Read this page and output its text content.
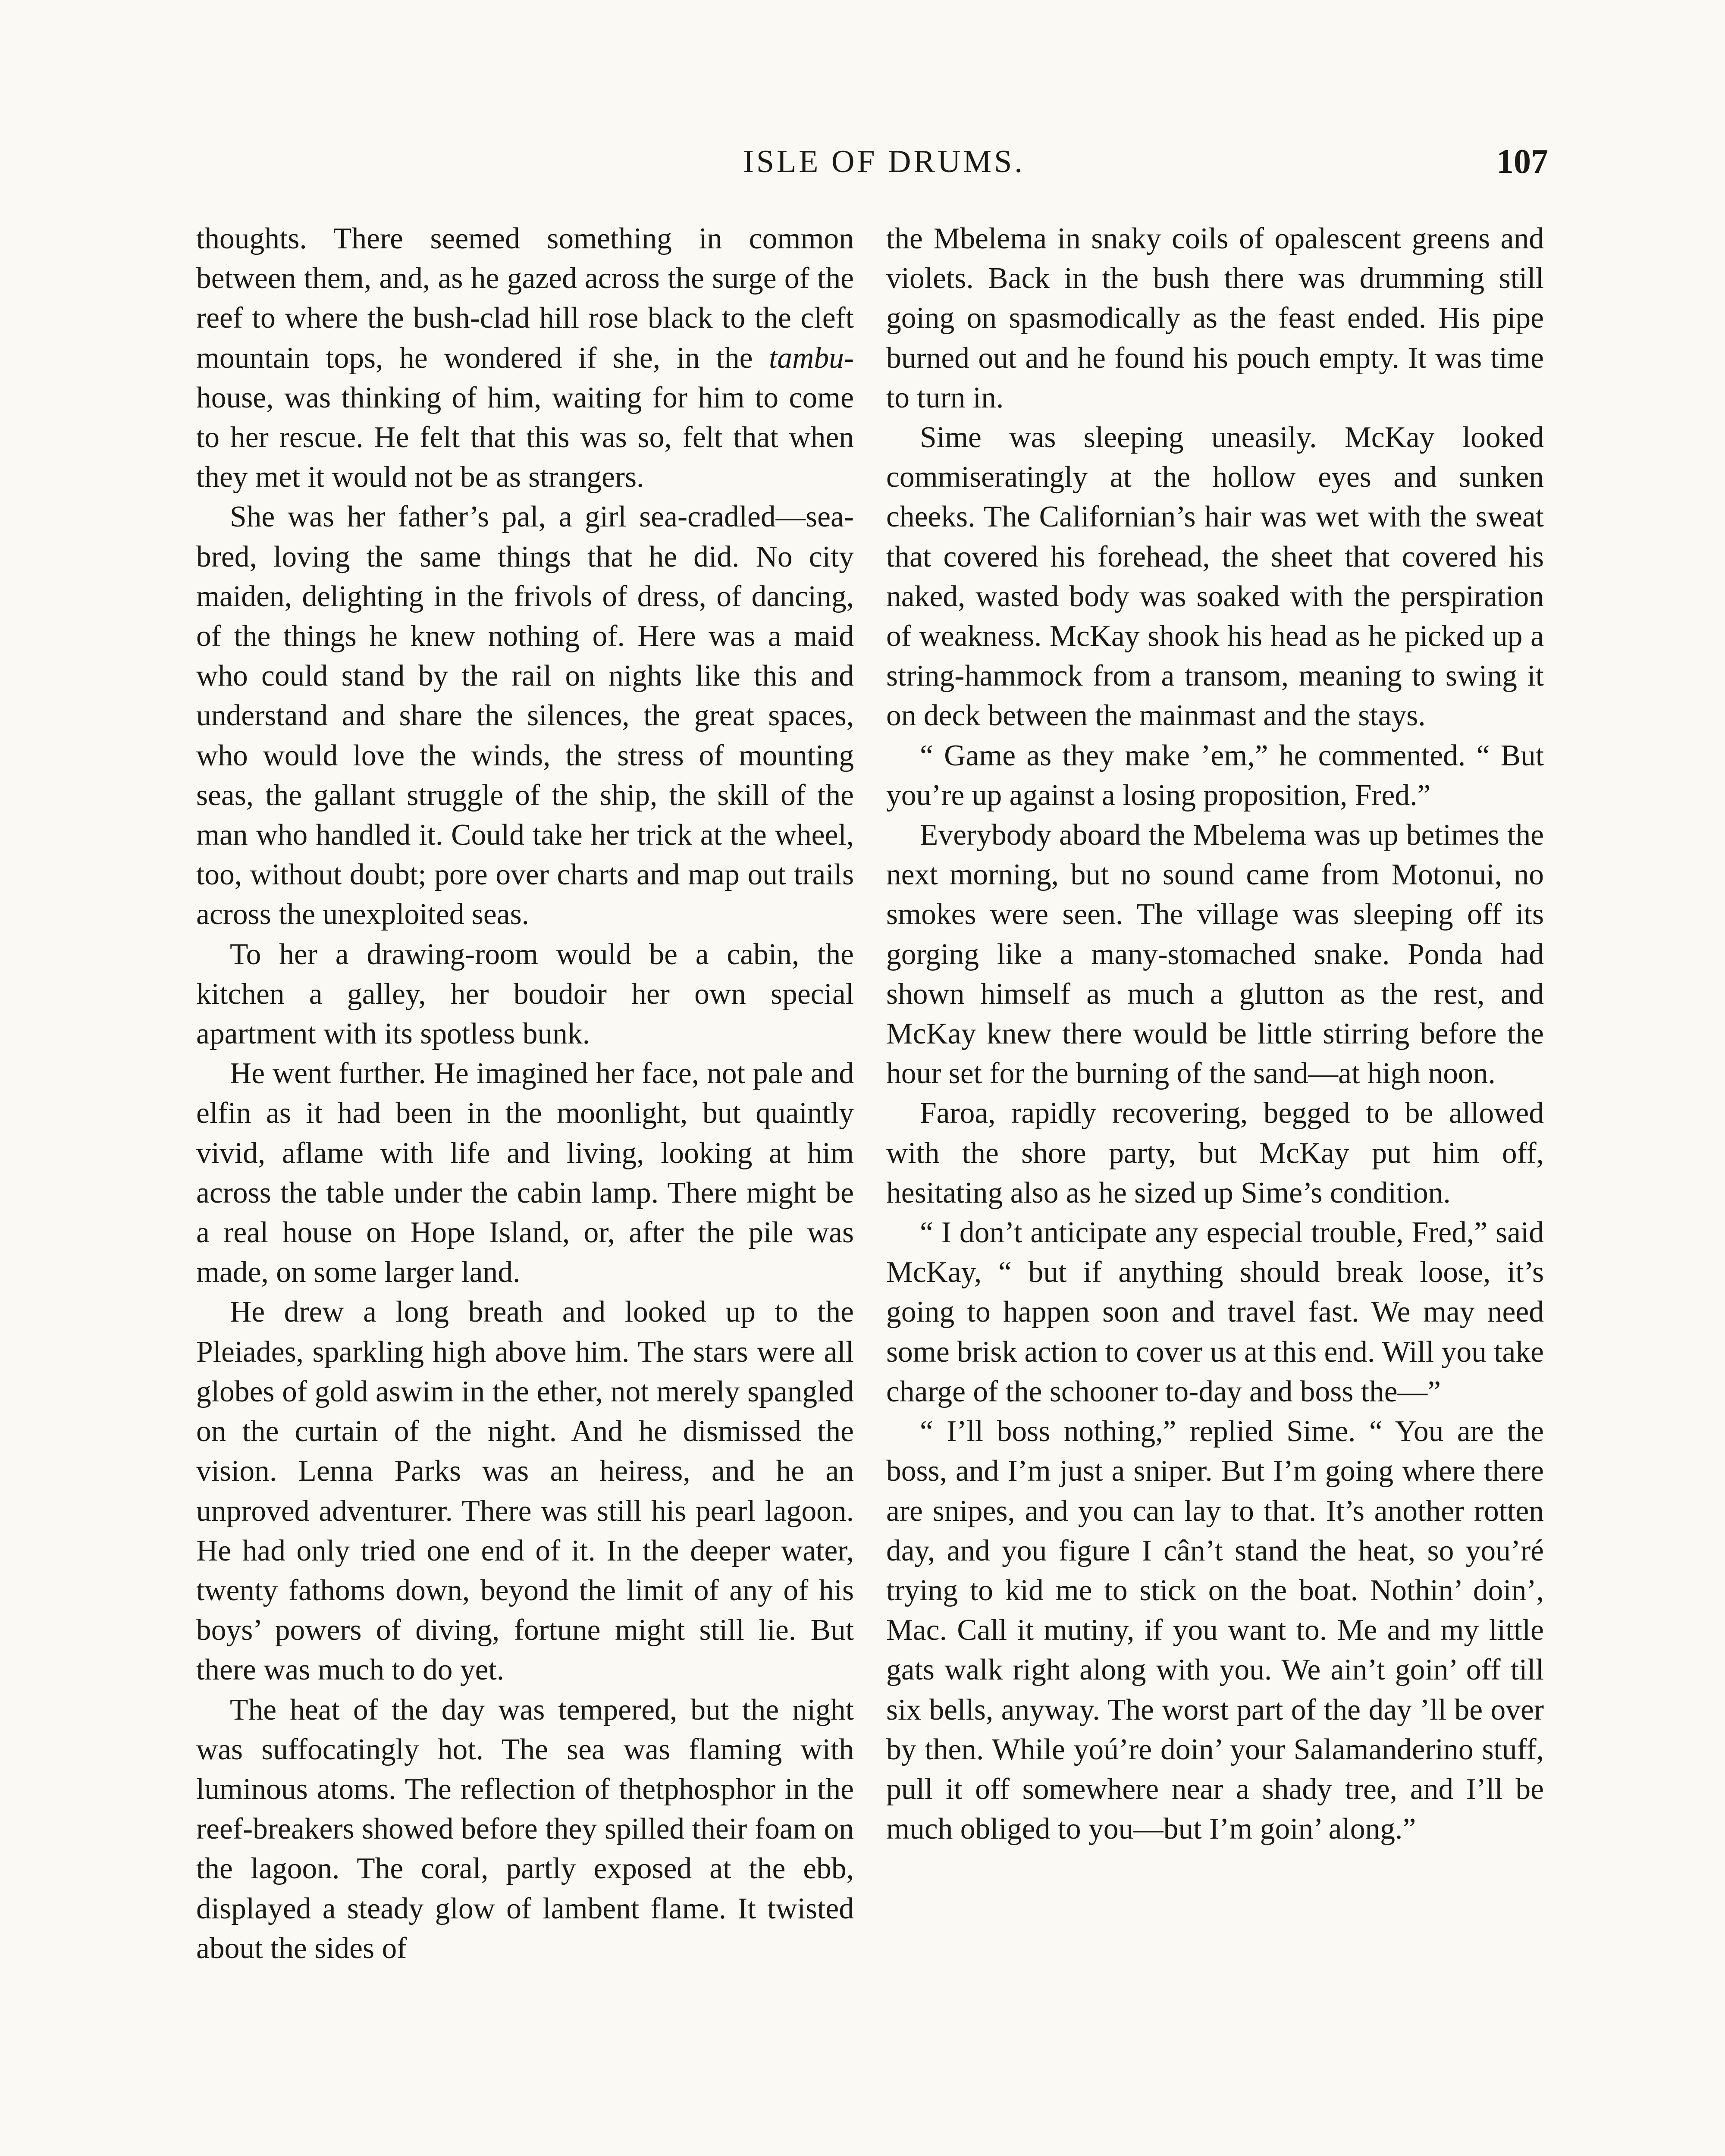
ISLE OF DRUMS.	107

thoughts. There seemed something in common between them, and, as he gazed across the surge of the reef to where the bush-clad hill rose black to the cleft mountain tops, he wondered if she, in the tambu-house, was thinking of him, waiting for him to come to her rescue. He felt that this was so, felt that when they met it would not be as strangers.

She was her father’s pal, a girl sea-cradled—sea-bred, loving the same things that he did. No city maiden, delighting in the frivols of dress, of dancing, of the things he knew nothing of. Here was a maid who could stand by the rail on nights like this and understand and share the silences, the great spaces, who would love the winds, the stress of mounting seas, the gallant struggle of the ship, the skill of the man who handled it. Could take her trick at the wheel, too, without doubt; pore over charts and map out trails across the unexploited seas.

To her a drawing-room would be a cabin, the kitchen a galley, her boudoir her own special apartment with its spotless bunk.

He went further. He imagined her face, not pale and elfin as it had been in the moonlight, but quaintly vivid, aflame with life and living, looking at him across the table under the cabin lamp. There might be a real house on Hope Island, or, after the pile was made, on some larger land.

He drew a long breath and looked up to the Pleiades, sparkling high above him. The stars were all globes of gold aswim in the ether, not merely spangled on the curtain of the night. And he dismissed the vision. Lenna Parks was an heiress, and he an unproved adventurer. There was still his pearl lagoon. He had only tried one end of it. In the deeper water, twenty fathoms down, beyond the limit of any of his boys’ powers of diving, fortune might still lie. But there was much to do yet.

The heat of the day was tempered, but the night was suffocatingly hot. The sea was flaming with luminous atoms. The reflection of thetphosphor in the reef-breakers showed before they spilled their foam on the lagoon. The coral, partly exposed at the ebb, displayed a steady glow of lambent flame. It twisted about the sides of

the Mbelema in snaky coils of opalescent greens and violets. Back in the bush there was drumming still going on spasmodically as the feast ended. His pipe burned out and he found his pouch empty. It was time to turn in.

Sime was sleeping uneasily. McKay looked commiseratingly at the hollow eyes and sunken cheeks. The Californian’s hair was wet with the sweat that covered his forehead, the sheet that covered his naked, wasted body was soaked with the perspiration of weakness. McKay shook his head as he picked up a string-hammock from a transom, meaning to swing it on deck between the mainmast and the stays.

“ Game as they make ’em,” he commented. “ But you’re up against a losing proposition, Fred.”

Everybody aboard the Mbelema was up betimes the next morning, but no sound came from Motonui, no smokes were seen. The village was sleeping off its gorging like a many-stomached snake. Ponda had shown himself as much a glutton as the rest, and McKay knew there would be little stirring before the hour set for the burning of the sand—at high noon.

Faroa, rapidly recovering, begged to be allowed with the shore party, but McKay put him off, hesitating also as he sized up Sime’s condition.

“ I don’t anticipate any especial trouble, Fred,” said McKay, “ but if anything should break loose, it’s going to happen soon and travel fast. We may need some brisk action to cover us at this end. Will you take charge of the schooner to-day and boss the—”

“ I’ll boss nothing,” replied Sime. “ You are the boss, and I’m just a sniper. But I’m going where there are snipes, and you can lay to that. It’s another rotten day, and you figure I cân’t stand the heat, so you’ré trying to kid me to stick on the boat. Nothin’ doin’, Mac. Call it mutiny, if you want to. Me and my little gats walk right along with you. We ain’t goin’ off till six bells, anyway. The worst part of the day ’ll be over by then. While yoú’re doin’ your Salamanderino stuff, pull it off somewhere near a shady tree, and I’ll be much obliged to you—but I’m goin’ along.”
